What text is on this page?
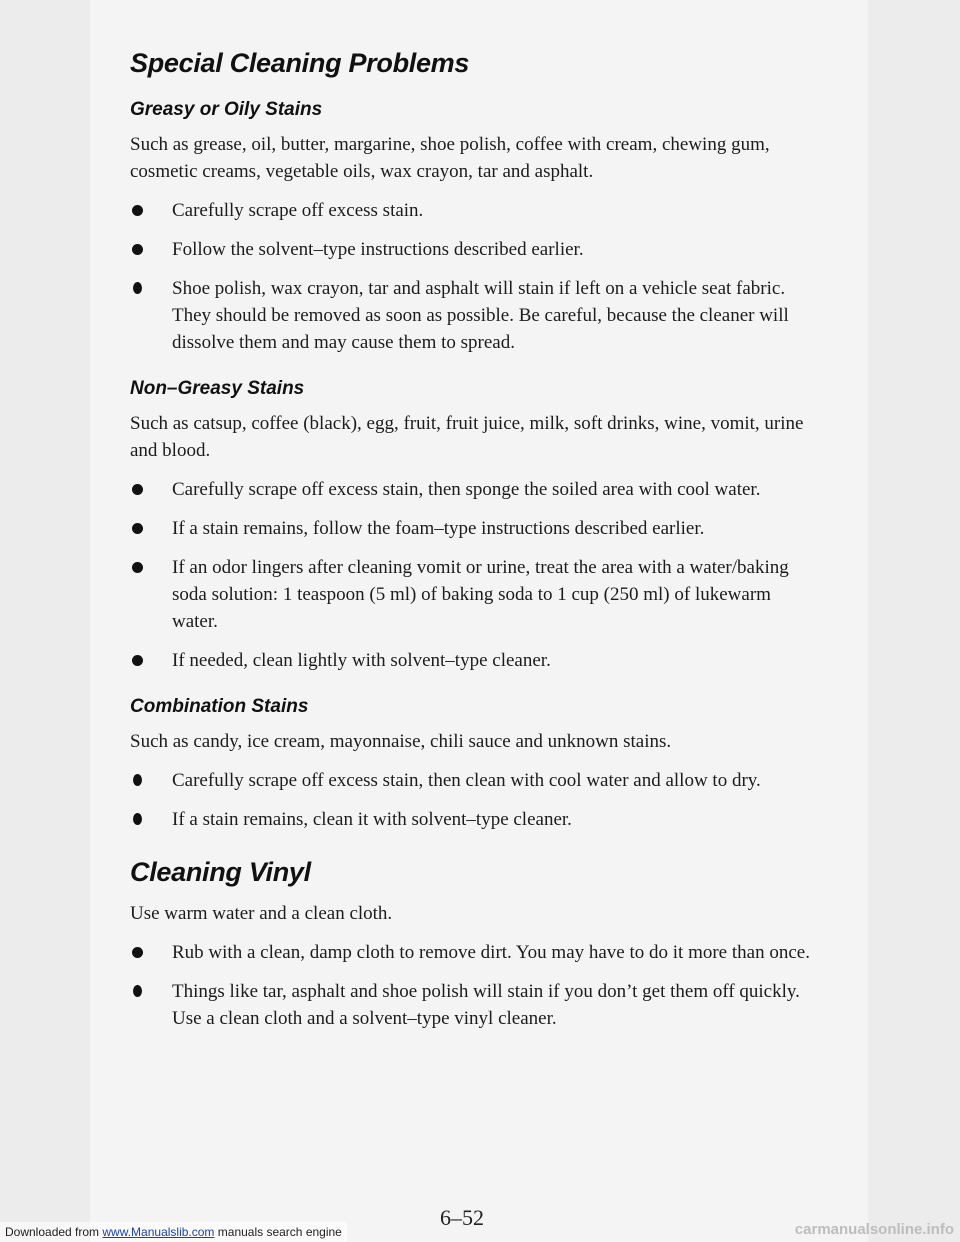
Special Cleaning Problems
Greasy or Oily Stains

Such as grease, oil, butter, margarine, shoe polish, coffee with cream, chewing gum, cosmetic creams, vegetable oils, wax crayon, tar and asphalt.

Carefully scrape off excess stain.
Follow the solvent–type instructions described earlier.
Shoe polish, wax crayon, tar and asphalt will stain if left on a vehicle seat fabric. They should be removed as soon as possible. Be careful, because the cleaner will dissolve them and may cause them to spread.
Non–Greasy Stains

Such as catsup, coffee (black), egg, fruit, fruit juice, milk, soft drinks, wine, vomit, urine and blood.

Carefully scrape off excess stain, then sponge the soiled area with cool water.
If a stain remains, follow the foam–type instructions described earlier.
If an odor lingers after cleaning vomit or urine, treat the area with a water/baking soda solution: 1 teaspoon (5 ml) of baking soda to 1 cup (250 ml) of lukewarm water.
If needed, clean lightly with solvent–type cleaner.
Combination Stains

Such as candy, ice cream, mayonnaise, chili sauce and unknown stains.

Carefully scrape off excess stain, then clean with cool water and allow to dry.
If a stain remains, clean it with solvent–type cleaner.
Cleaning Vinyl

Use warm water and a clean cloth.

Rub with a clean, damp cloth to remove dirt. You may have to do it more than once.
Things like tar, asphalt and shoe polish will stain if you don’t get them off quickly. Use a clean cloth and a solvent–type vinyl cleaner.
6–52
Downloaded from www.Manualslib.com manuals search engine	carmanualsonline.info
